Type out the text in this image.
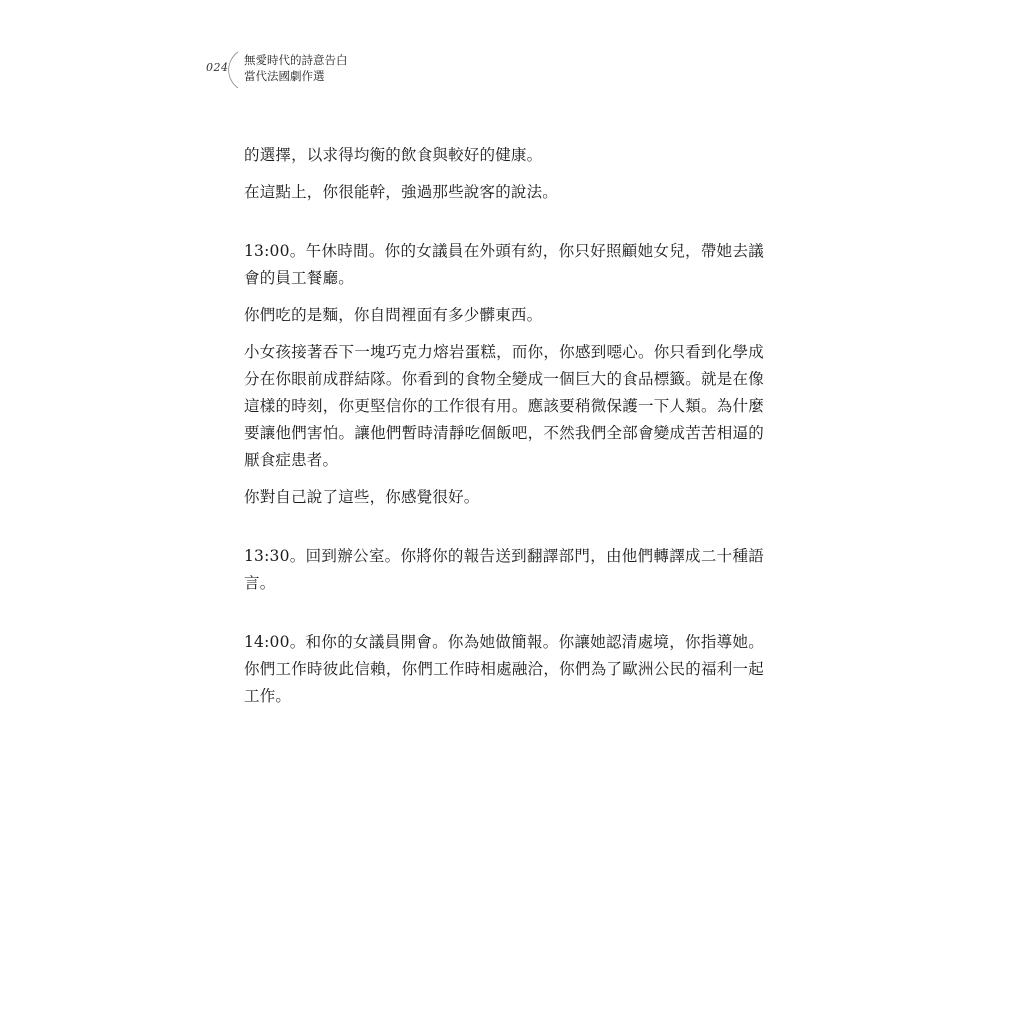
024
無愛時代的詩意告白
當代法國劇作選

的選擇，以求得均衡的飲食與較好的健康。

在這點上，你很能幹，強過那些說客的說法。

13:00。午休時間。你的女議員在外頭有約，你只好照顧她女兒，帶她去議會的員工餐廳。

你們吃的是麵，你自問裡面有多少髒東西。

小女孩接著吞下一塊巧克力熔岩蛋糕，而你，你感到噁心。你只看到化學成分在你眼前成群結隊。你看到的食物全變成一個巨大的食品標籤。就是在像這樣的時刻，你更堅信你的工作很有用。應該要稍微保護一下人類。為什麼要讓他們害怕。讓他們暫時清靜吃個飯吧，不然我們全部會變成苦苦相逼的厭食症患者。

你對自己說了這些，你感覺很好。

13:30。回到辦公室。你將你的報告送到翻譯部門，由他們轉譯成二十種語言。

14:00。和你的女議員開會。你為她做簡報。你讓她認清處境，你指導她。你們工作時彼此信賴，你們工作時相處融洽，你們為了歐洲公民的福利一起工作。
